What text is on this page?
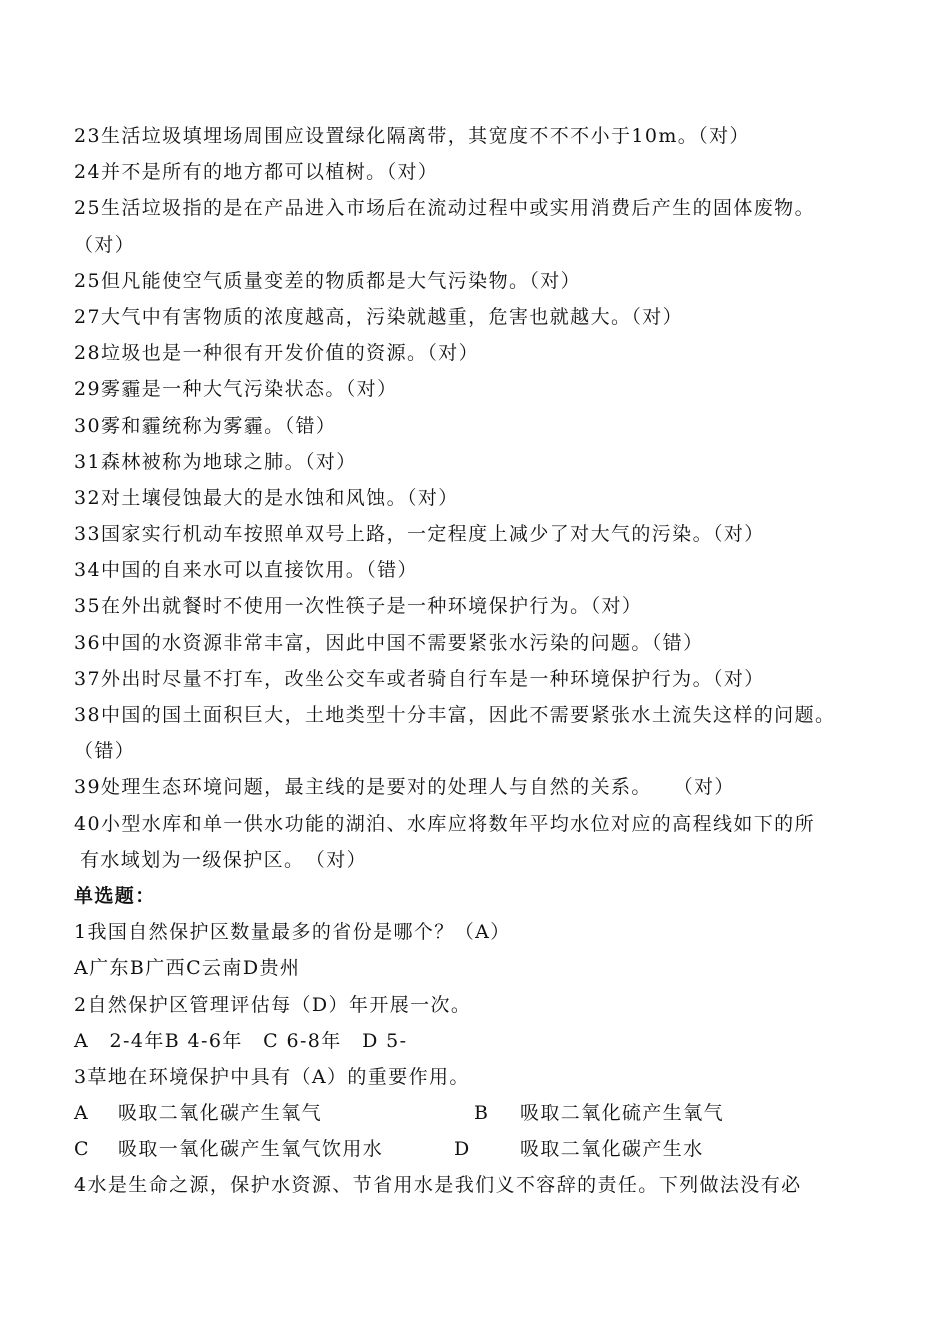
23生活垃圾填埋场周围应设置绿化隔离带，其宽度不不不小于10m。（对）
24并不是所有的地方都可以植树。（对）
25生活垃圾指的是在产品进入市场后在流动过程中或实用消费后产生的固体废物。
（对）
25但凡能使空气质量变差的物质都是大气污染物。（对）
27大气中有害物质的浓度越高，污染就越重，危害也就越大。（对）
28垃圾也是一种很有开发价值的资源。（对）
29雾霾是一种大气污染状态。（对）
30雾和霾统称为雾霾。（错）
31森林被称为地球之肺。（对）
32对土壤侵蚀最大的是水蚀和风蚀。（对）
33国家实行机动车按照单双号上路，一定程度上减少了对大气的污染。（对）
34中国的自来水可以直接饮用。（错）
35在外出就餐时不使用一次性筷子是一种环境保护行为。（对）
36中国的水资源非常丰富，因此中国不需要紧张水污染的问题。（错）
37外出时尽量不打车，改坐公交车或者骑自行车是一种环境保护行为。（对）
38中国的国土面积巨大，土地类型十分丰富，因此不需要紧张水土流失这样的问题。
（错）
39处理生态环境问题，最主线的是要对的处理人与自然的关系。　　（对）
40小型水库和单一供水功能的湖泊、水库应将数年平均水位对应的高程线如下的所
有水域划为一级保护区。　（对）
单选题：
1我国自然保护区数量最多的省份是哪个？（A）
A广东B广西C云南D贵州
2自然保护区管理评估每（D）年开展一次。
A　2-4年B 4-6年　C 6-8年　D 5-
3草地在环境保护中具有（A）的重要作用。
A 吸取二氧化碳产生氧气	B 吸取二氧化硫产生氧气
C 吸取一氧化碳产生氧气饮用水	D	吸取二氧化碳产生水
4水是生命之源，保护水资源、节省用水是我们义不容辞的责任。下列做法没有必
